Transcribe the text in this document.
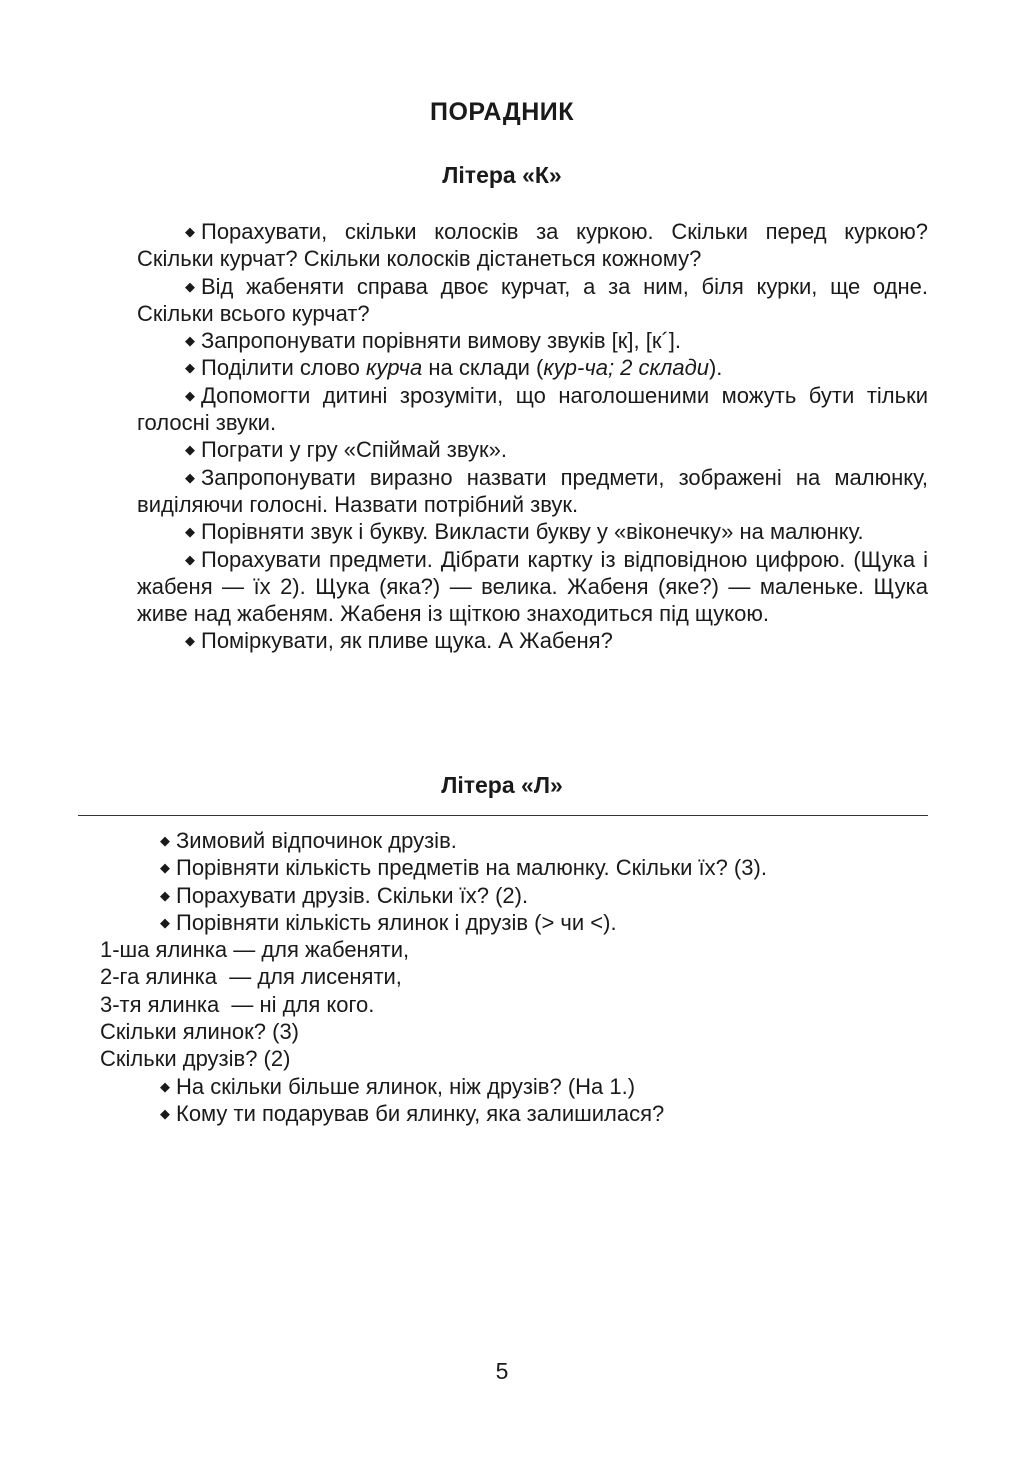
ПОРАДНИК
Літера «К»

◆ Порахувати, скільки колосків за куркою. Скільки перед куркою? Скільки курчат? Скільки колосків дістанеться кожному?

◆ Від жабеняти справа двоє курчат, а за ним, біля курки, ще одне. Скільки всього курчат?

◆ Запропонувати порівняти вимову звуків [к], [к´].

◆ Поділити слово курча на склади (кур-ча; 2 склади).

◆ Допомогти дитині зрозуміти, що наголошеними можуть бути тільки голосні звуки.

◆ Пограти у гру «Спіймай звук».

◆ Запропонувати виразно назвати предмети, зображені на малюнку, виділяючи голосні. Назвати потрібний звук.

◆ Порівняти звук і букву. Викласти букву у «віконечку» на малюнку.

◆ Порахувати предмети. Дібрати картку із відповідною цифрою. (Щука і жабеня — їх 2). Щука (яка?) — велика. Жабеня (яке?) — маленьке. Щука живе над жабеням. Жабеня із щіткою знаходиться під щукою.

◆ Поміркувати, як пливе щука. А Жабеня?

Літера «Л»

◆ Зимовий відпочинок друзів.

◆ Порівняти кількість предметів на малюнку. Скільки їх? (3).

◆ Порахувати друзів. Скільки їх? (2).

◆ Порівняти кількість ялинок і друзів (> чи <).

1-ша ялинка — для жабеняти,

2-га ялинка  — для лисеняти,

3-тя ялинка  — ні для кого.

Скільки ялинок? (3)

Скільки друзів? (2)

◆ На скільки більше ялинок, ніж друзів? (На 1.)

◆ Кому ти подарував би ялинку, яка залишилася?

5
